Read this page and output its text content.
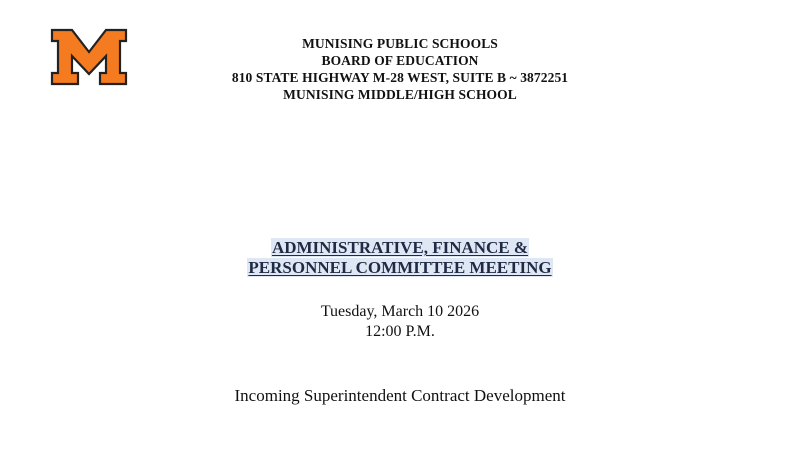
MUNISING PUBLIC SCHOOLS
BOARD OF EDUCATION
810 STATE HIGHWAY M-28 WEST, SUITE B ~ 3872251
MUNISING MIDDLE/HIGH SCHOOL
ADMINISTRATIVE, FINANCE &
PERSONNEL COMMITTEE MEETING
Tuesday, March 10 2026
12:00 P.M.
Incoming Superintendent Contract Development
